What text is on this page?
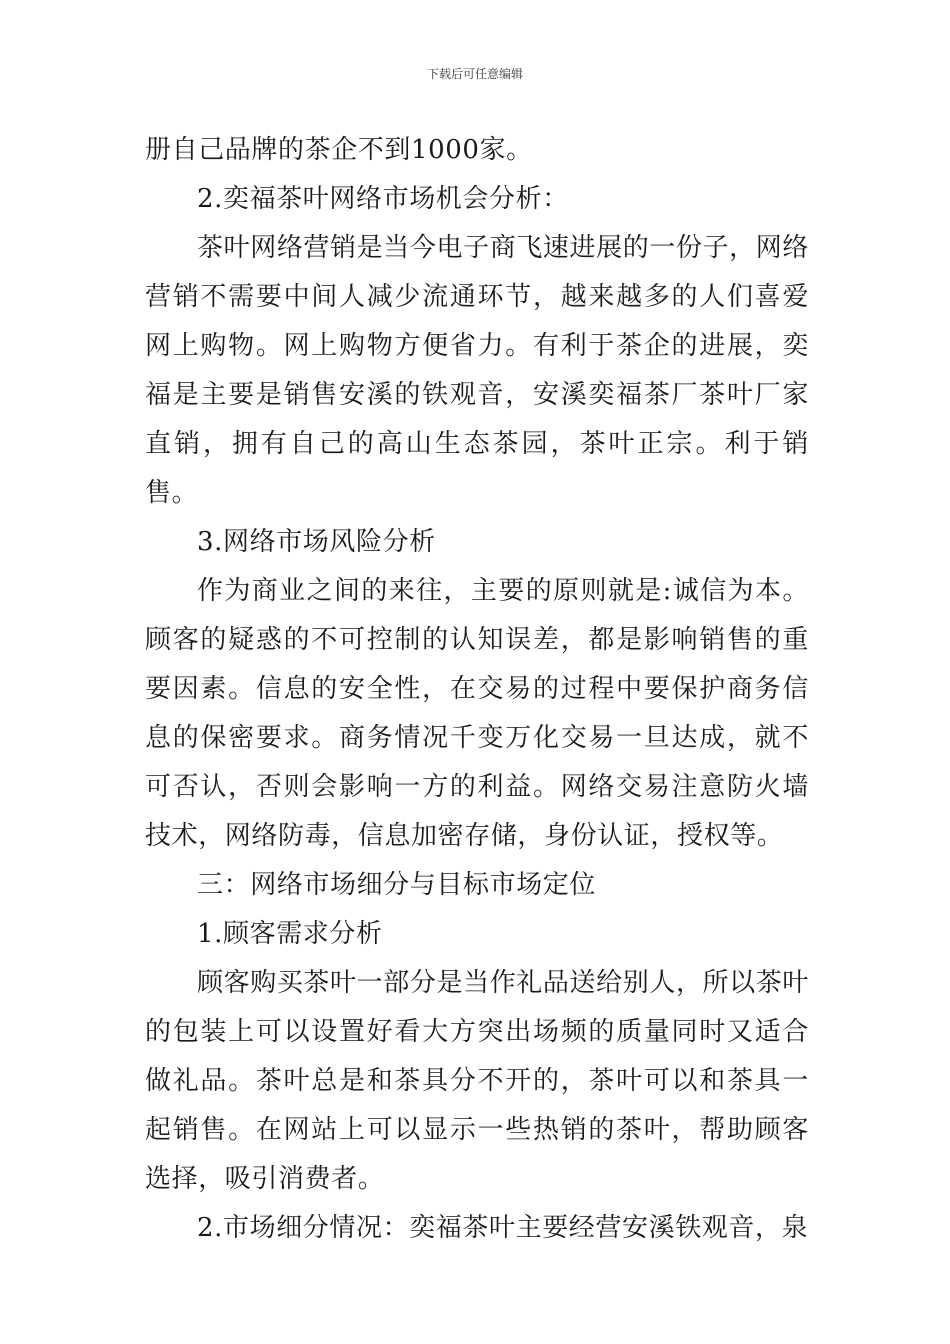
下载后可任意编辑

册自己品牌的茶企不到1000家。

2.奕福茶叶网络市场机会分析：

茶叶网络营销是当今电子商飞速进展的一份子，网络营销不需要中间人减少流通环节，越来越多的人们喜爱网上购物。网上购物方便省力。有利于茶企的进展，奕福是主要是销售安溪的铁观音，安溪奕福茶厂茶叶厂家直销，拥有自己的高山生态茶园，茶叶正宗。利于销售。

3.网络市场风险分析

作为商业之间的来往，主要的原则就是:诚信为本。顾客的疑惑的不可控制的认知误差，都是影响销售的重要因素。信息的安全性，在交易的过程中要保护商务信息的保密要求。商务情况千变万化交易一旦达成，就不可否认，否则会影响一方的利益。网络交易注意防火墙技术，网络防毒，信息加密存储，身份认证，授权等。

三：网络市场细分与目标市场定位

1.顾客需求分析

顾客购买茶叶一部分是当作礼品送给别人，所以茶叶的包装上可以设置好看大方突出场频的质量同时又适合做礼品。茶叶总是和茶具分不开的，茶叶可以和茶具一起销售。在网站上可以显示一些热销的茶叶，帮助顾客选择，吸引消费者。

2.市场细分情况：奕福茶叶主要经营安溪铁观音，泉
